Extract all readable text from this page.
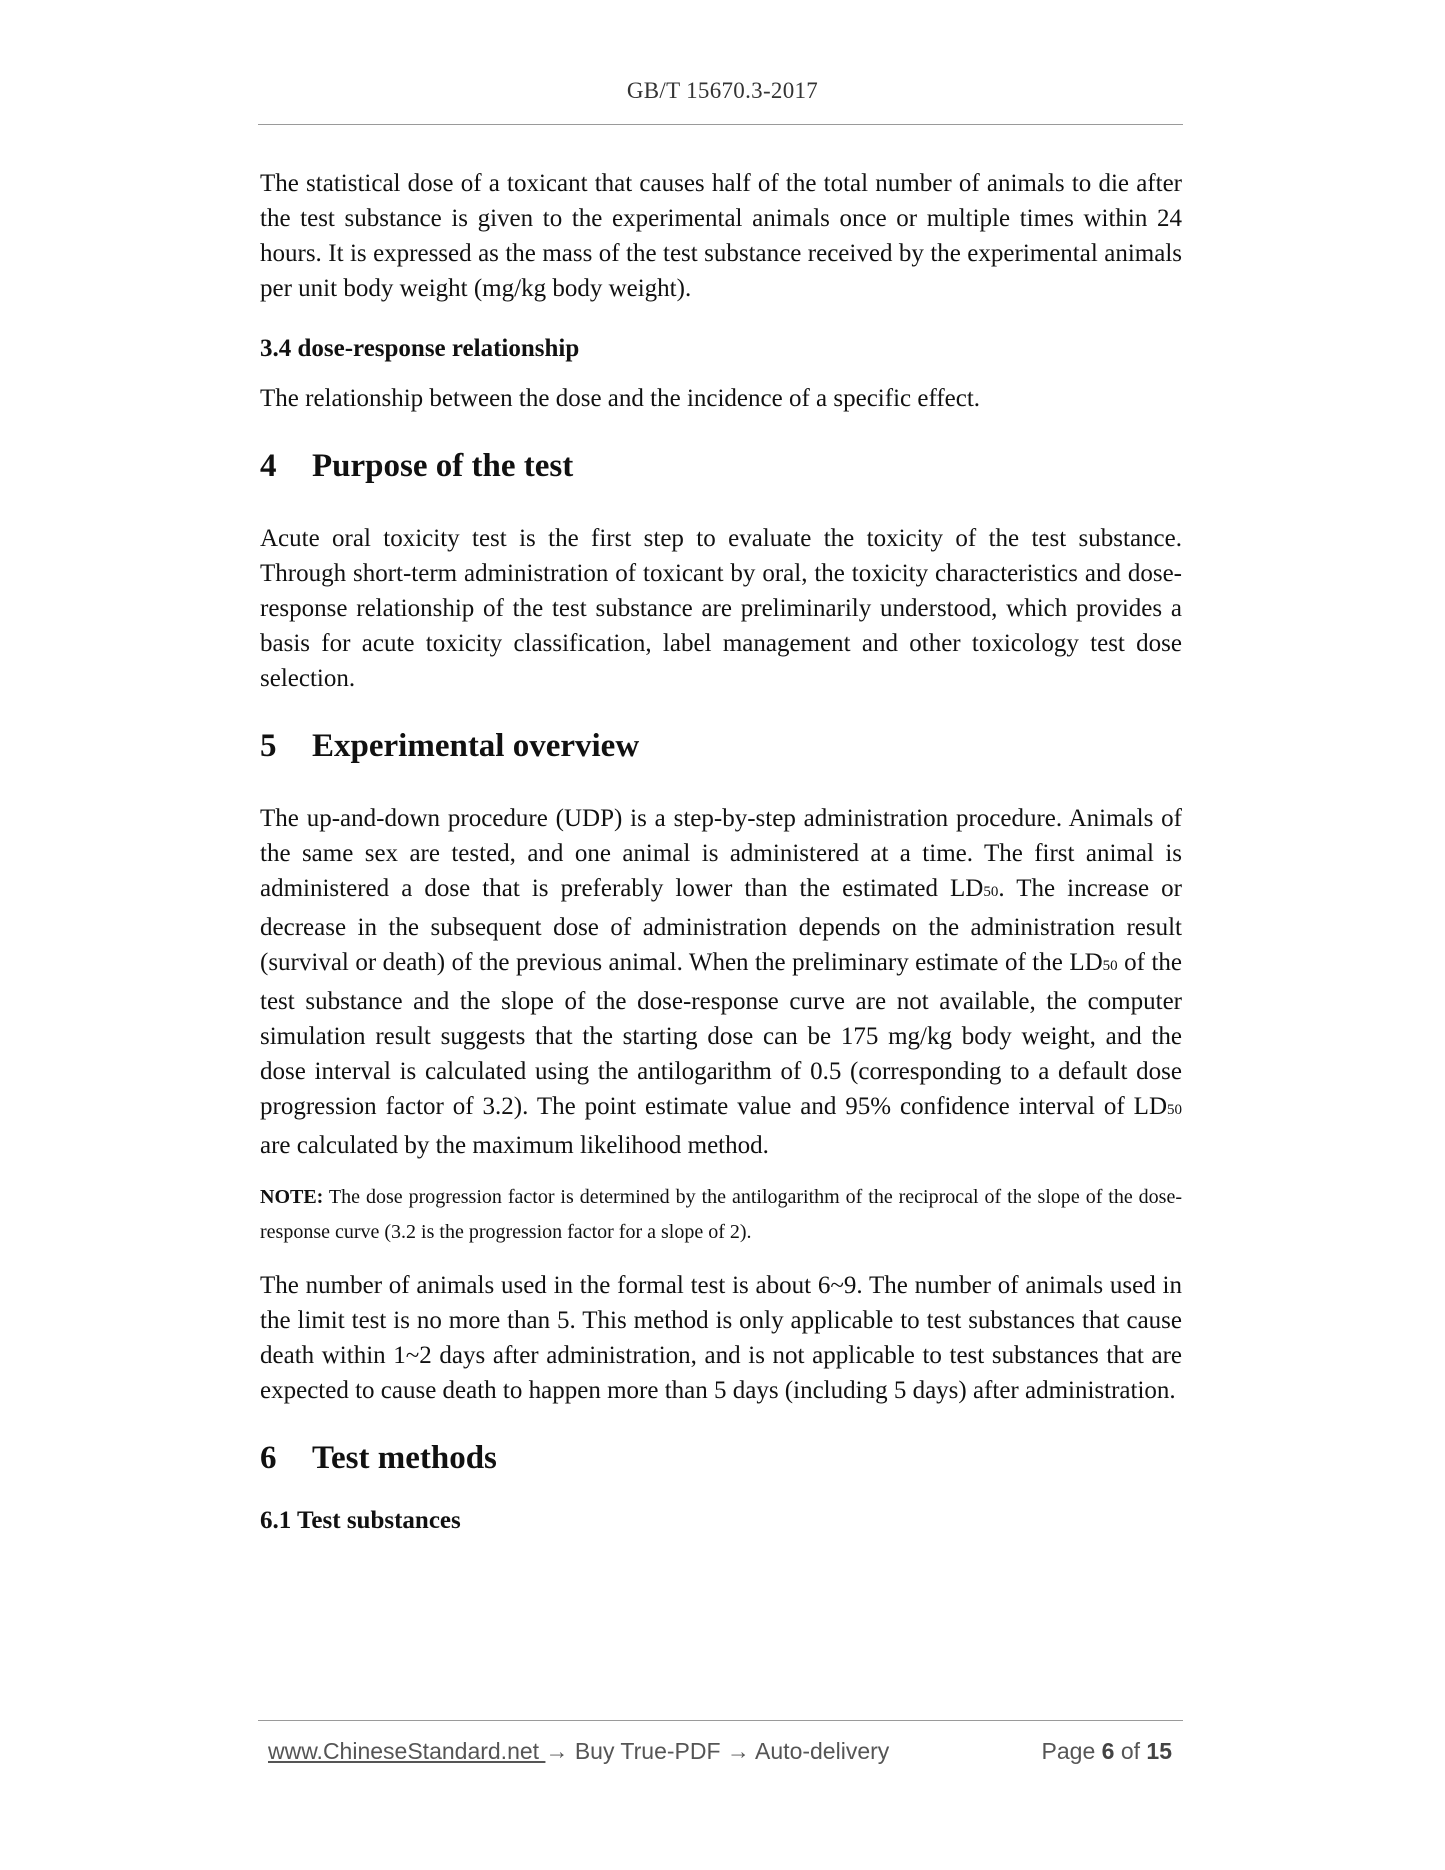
GB/T 15670.3-2017

The statistical dose of a toxicant that causes half of the total number of animals to die after the test substance is given to the experimental animals once or multiple times within 24 hours. It is expressed as the mass of the test substance received by the experimental animals per unit body weight (mg/kg body weight).

3.4 dose-response relationship

The relationship between the dose and the incidence of a specific effect.

4 Purpose of the test

Acute oral toxicity test is the first step to evaluate the toxicity of the test substance. Through short-term administration of toxicant by oral, the toxicity characteristics and dose-response relationship of the test substance are preliminarily understood, which provides a basis for acute toxicity classification, label management and other toxicology test dose selection.

5 Experimental overview

The up-and-down procedure (UDP) is a step-by-step administration procedure. Animals of the same sex are tested, and one animal is administered at a time. The first animal is administered a dose that is preferably lower than the estimated LD50. The increase or decrease in the subsequent dose of administration depends on the administration result (survival or death) of the previous animal. When the preliminary estimate of the LD50 of the test substance and the slope of the dose-response curve are not available, the computer simulation result suggests that the starting dose can be 175 mg/kg body weight, and the dose interval is calculated using the antilogarithm of 0.5 (corresponding to a default dose progression factor of 3.2). The point estimate value and 95% confidence interval of LD50 are calculated by the maximum likelihood method.

NOTE: The dose progression factor is determined by the antilogarithm of the reciprocal of the slope of the dose-response curve (3.2 is the progression factor for a slope of 2).

The number of animals used in the formal test is about 6~9. The number of animals used in the limit test is no more than 5. This method is only applicable to test substances that cause death within 1~2 days after administration, and is not applicable to test substances that are expected to cause death to happen more than 5 days (including 5 days) after administration.

6 Test methods

6.1 Test substances

www.ChineseStandard.net → Buy True-PDF → Auto-delivery	Page 6 of 15
